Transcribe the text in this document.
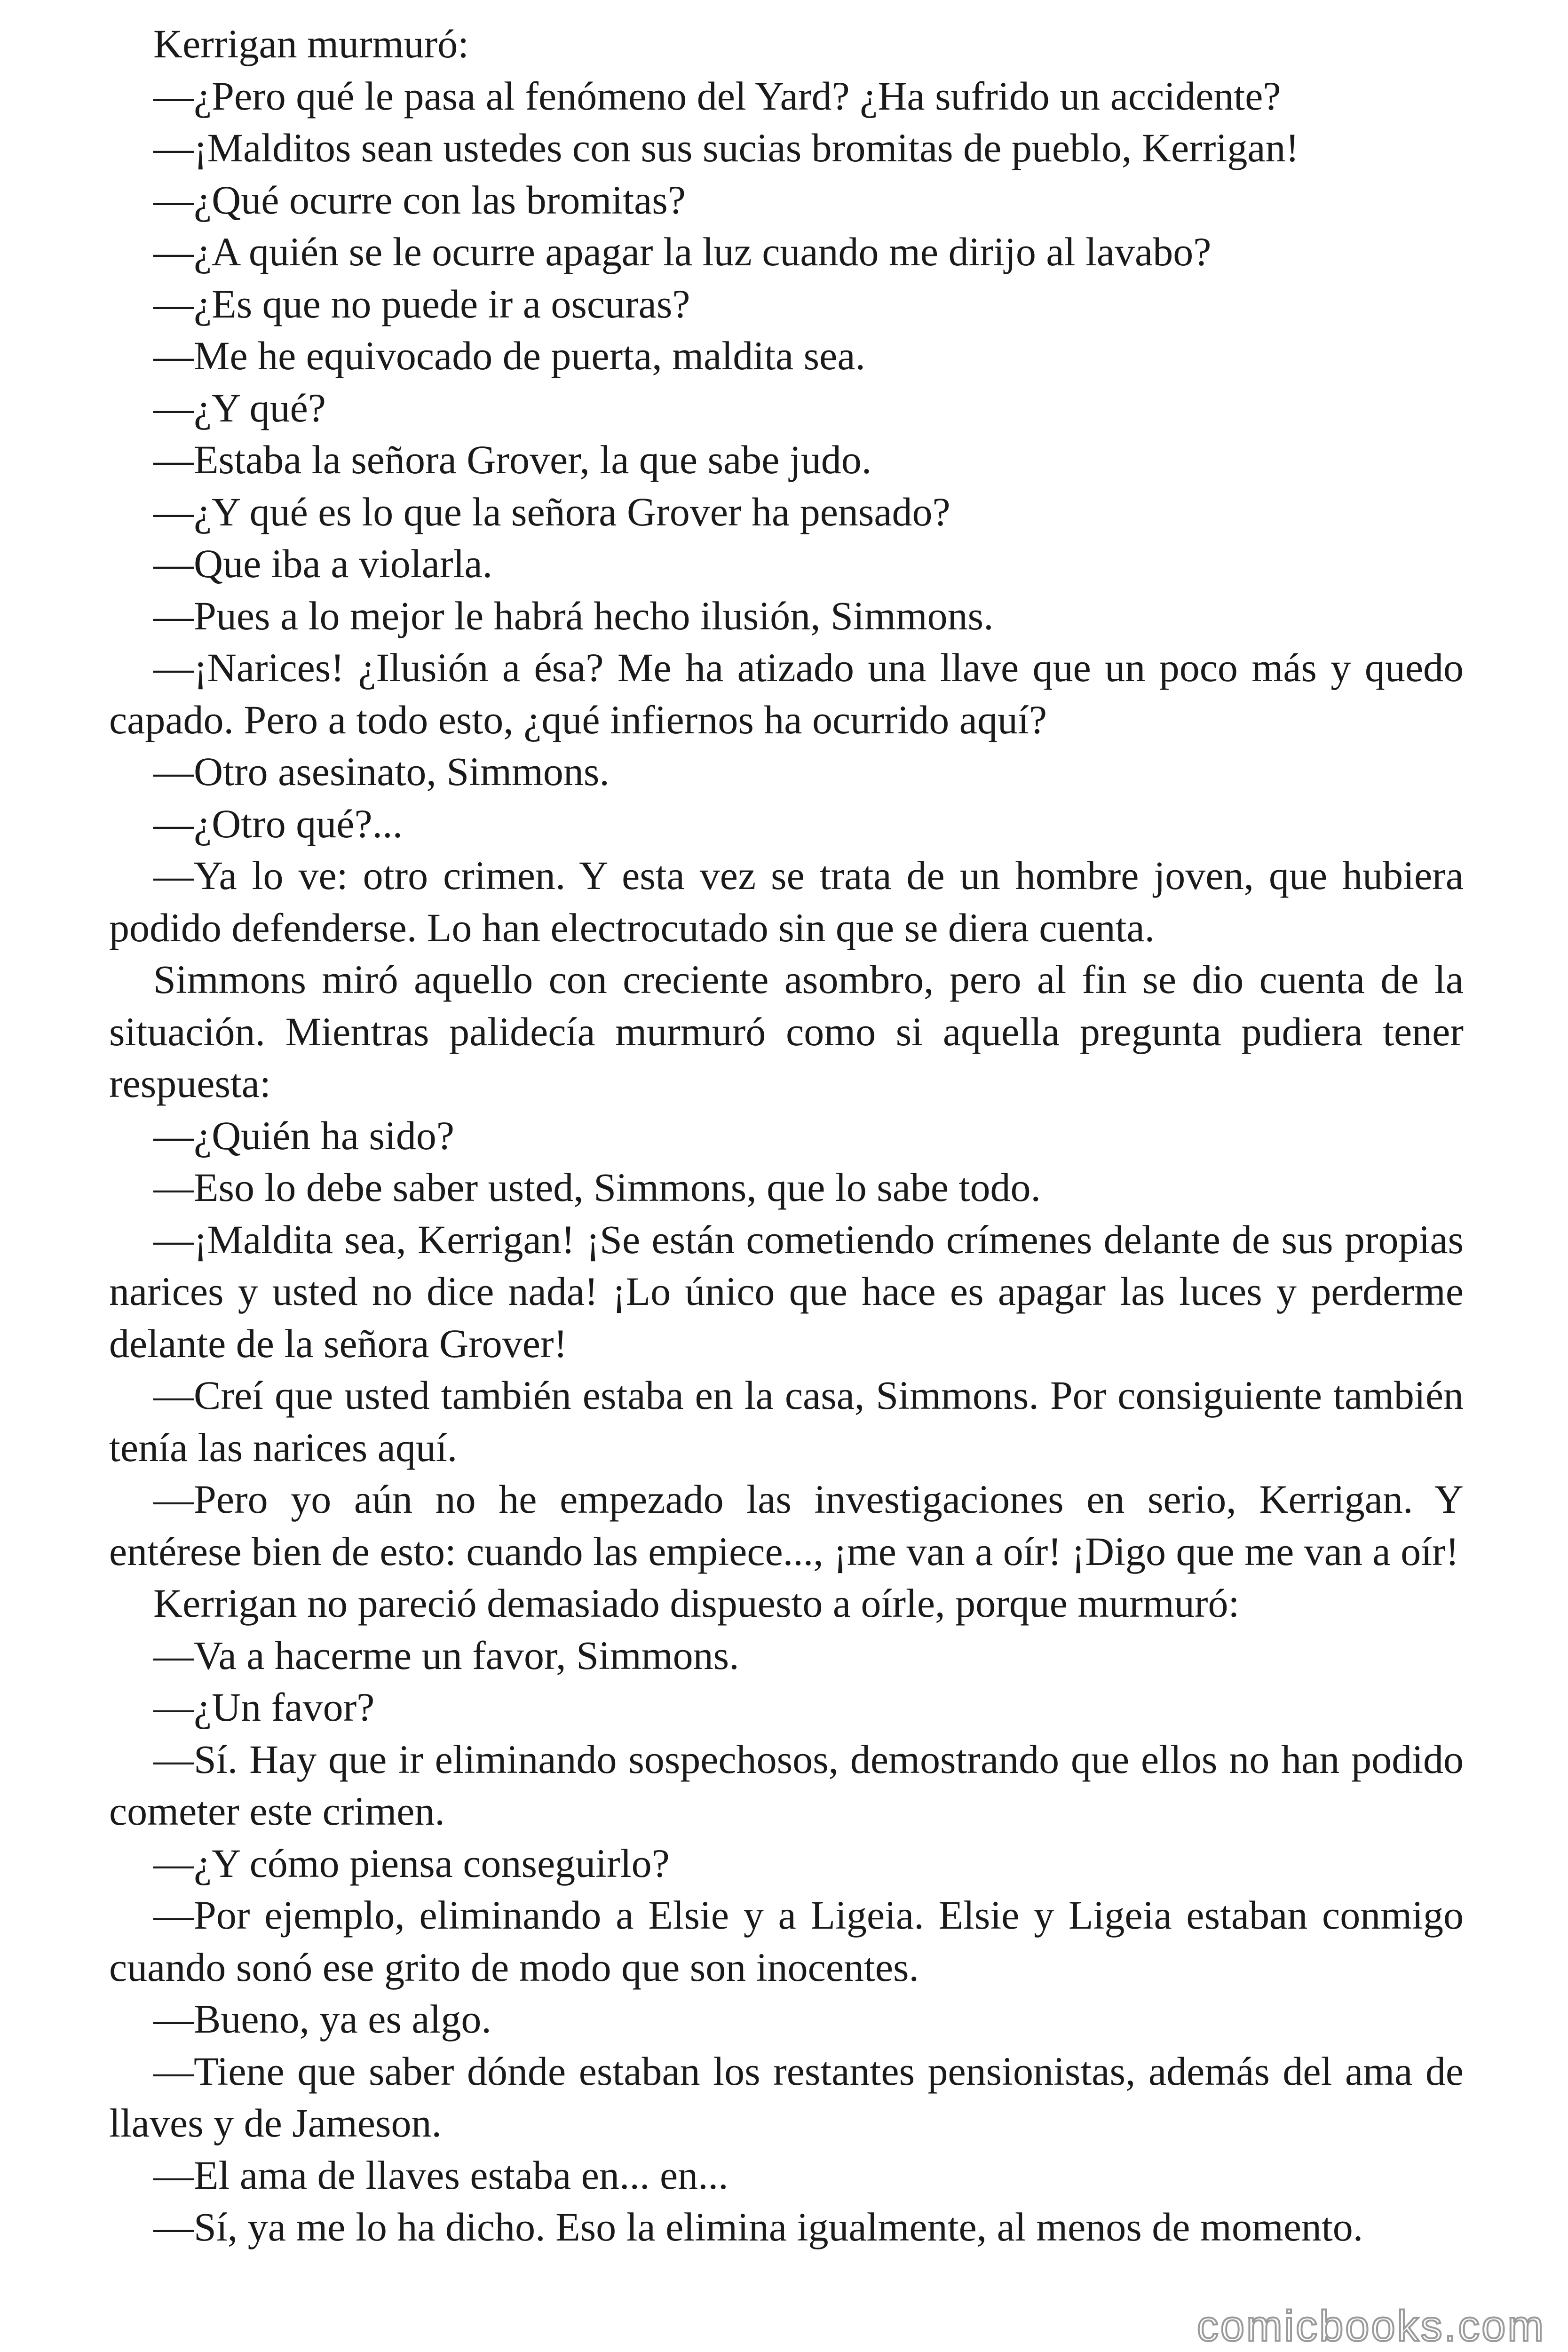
Kerrigan murmuró:

—¿Pero qué le pasa al fenómeno del Yard? ¿Ha sufrido un accidente?

—¡Malditos sean ustedes con sus sucias bromitas de pueblo, Kerrigan!

—¿Qué ocurre con las bromitas?

—¿A quién se le ocurre apagar la luz cuando me dirijo al lavabo?

—¿Es que no puede ir a oscuras?

—Me he equivocado de puerta, maldita sea.

—¿Y qué?

—Estaba la señora Grover, la que sabe judo.

—¿Y qué es lo que la señora Grover ha pensado?

—Que iba a violarla.

—Pues a lo mejor le habrá hecho ilusión, Simmons.

—¡Narices! ¿Ilusión a ésa? Me ha atizado una llave que un poco más y quedo capado. Pero a todo esto, ¿qué infiernos ha ocurrido aquí?

—Otro asesinato, Simmons.

—¿Otro qué?...

—Ya lo ve: otro crimen. Y esta vez se trata de un hombre joven, que hubiera podido defenderse. Lo han electrocutado sin que se diera cuenta.

Simmons miró aquello con creciente asombro, pero al fin se dio cuenta de la situación. Mientras palidecía murmuró como si aquella pregunta pudiera tener respuesta:

—¿Quién ha sido?

—Eso lo debe saber usted, Simmons, que lo sabe todo.

—¡Maldita sea, Kerrigan! ¡Se están cometiendo crímenes delante de sus propias narices y usted no dice nada! ¡Lo único que hace es apagar las luces y perderme delante de la señora Grover!

—Creí que usted también estaba en la casa, Simmons. Por consiguiente también tenía las narices aquí.

—Pero yo aún no he empezado las investigaciones en serio, Kerrigan. Y entérese bien de esto: cuando las empiece..., ¡me van a oír! ¡Digo que me van a oír!

Kerrigan no pareció demasiado dispuesto a oírle, porque murmuró:

—Va a hacerme un favor, Simmons.

—¿Un favor?

—Sí. Hay que ir eliminando sospechosos, demostrando que ellos no han podido cometer este crimen.

—¿Y cómo piensa conseguirlo?

—Por ejemplo, eliminando a Elsie y a Ligeia. Elsie y Ligeia estaban conmigo cuando sonó ese grito de modo que son inocentes.

—Bueno, ya es algo.

—Tiene que saber dónde estaban los restantes pensionistas, además del ama de llaves y de Jameson.

—El ama de llaves estaba en... en...

—Sí, ya me lo ha dicho. Eso la elimina igualmente, al menos de momento.

comicbooks.com
